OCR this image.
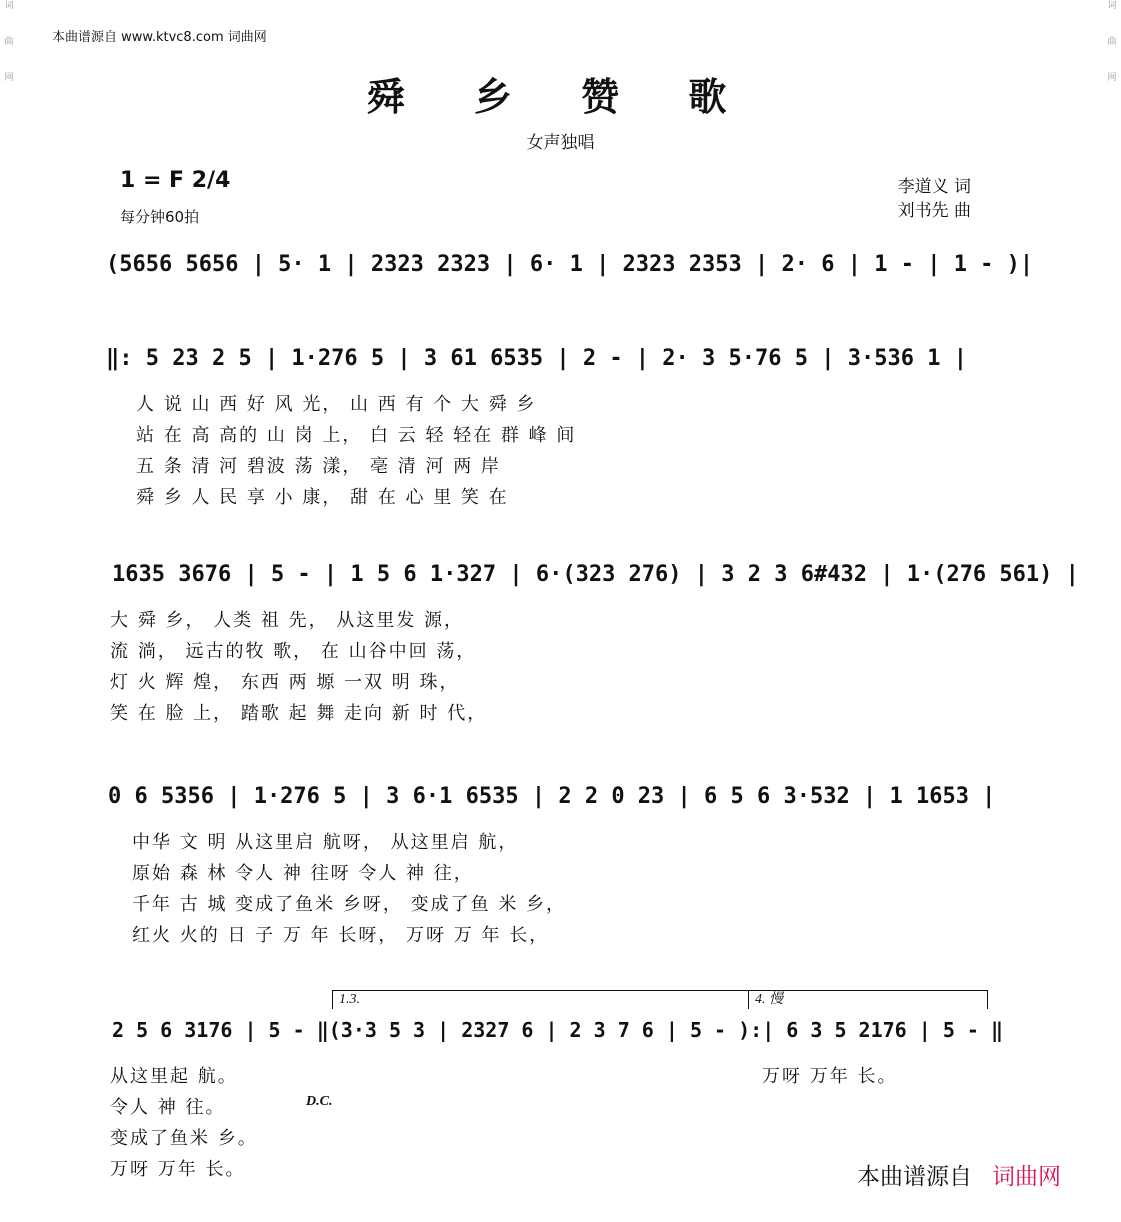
词
曲
网
词
曲
网
本曲谱源自 www.ktvc8.com 词曲网
舜 乡 赞 歌
女声独唱
1 = F 2/4
每分钟60拍
李道义 词
刘书先 曲
(5656 5656 | 5· 1 | 2323 2323 | 6· 1 | 2323 2353 | 2· 6 | 1 - | 1 - )|
‖: 5 23 2 5 | 1·276 5 | 3 61 6535 | 2 - | 2· 3 5·76 5 | 3·536 1 |
人 说 山 西 好 风 光， 山 西 有 个 大 舜 乡
站 在 高 高的 山 岗 上， 白 云 轻 轻在 群 峰 间
五 条 清 河 碧波 荡 漾， 亳 清 河 两 岸
舜 乡 人 民 享 小 康， 甜 在 心 里 笑 在
1635 3676 | 5 - | 1 5 6 1·327 | 6·(323 276) | 3 2 3 6#432 | 1·(276 561) |
大 舜 乡， 人类 祖 先， 从这里发 源，
流 淌， 远古的牧 歌， 在 山谷中回 荡，
灯 火 辉 煌， 东西 两 塬 一双 明 珠，
笑 在 脸 上， 踏歌 起 舞 走向 新 时 代，
0 6 5356 | 1·276 5 | 3 6·1 6535 | 2 2 0 23 | 6 5 6 3·532 | 1 1653 |
中华 文 明 从这里启 航呀， 从这里启 航，
原始 森 林 令人 神 往呀 令人 神 往，
千年 古 城 变成了鱼米 乡呀， 变成了鱼 米 乡，
红火 火的 日 子 万 年 长呀， 万呀 万 年 长，
1.3.	4. 慢
2 5 6 3176 | 5 - ‖(3·3 5 3 | 2327 6 | 2 3 7 6 | 5 - ):| 6 3 5 2176 | 5 - ‖
从这里起 航。
令人 神 往。	D.C.
变成了鱼米 乡。
万呀 万年 长。
万呀 万年 长。
本曲谱源自 词曲网
